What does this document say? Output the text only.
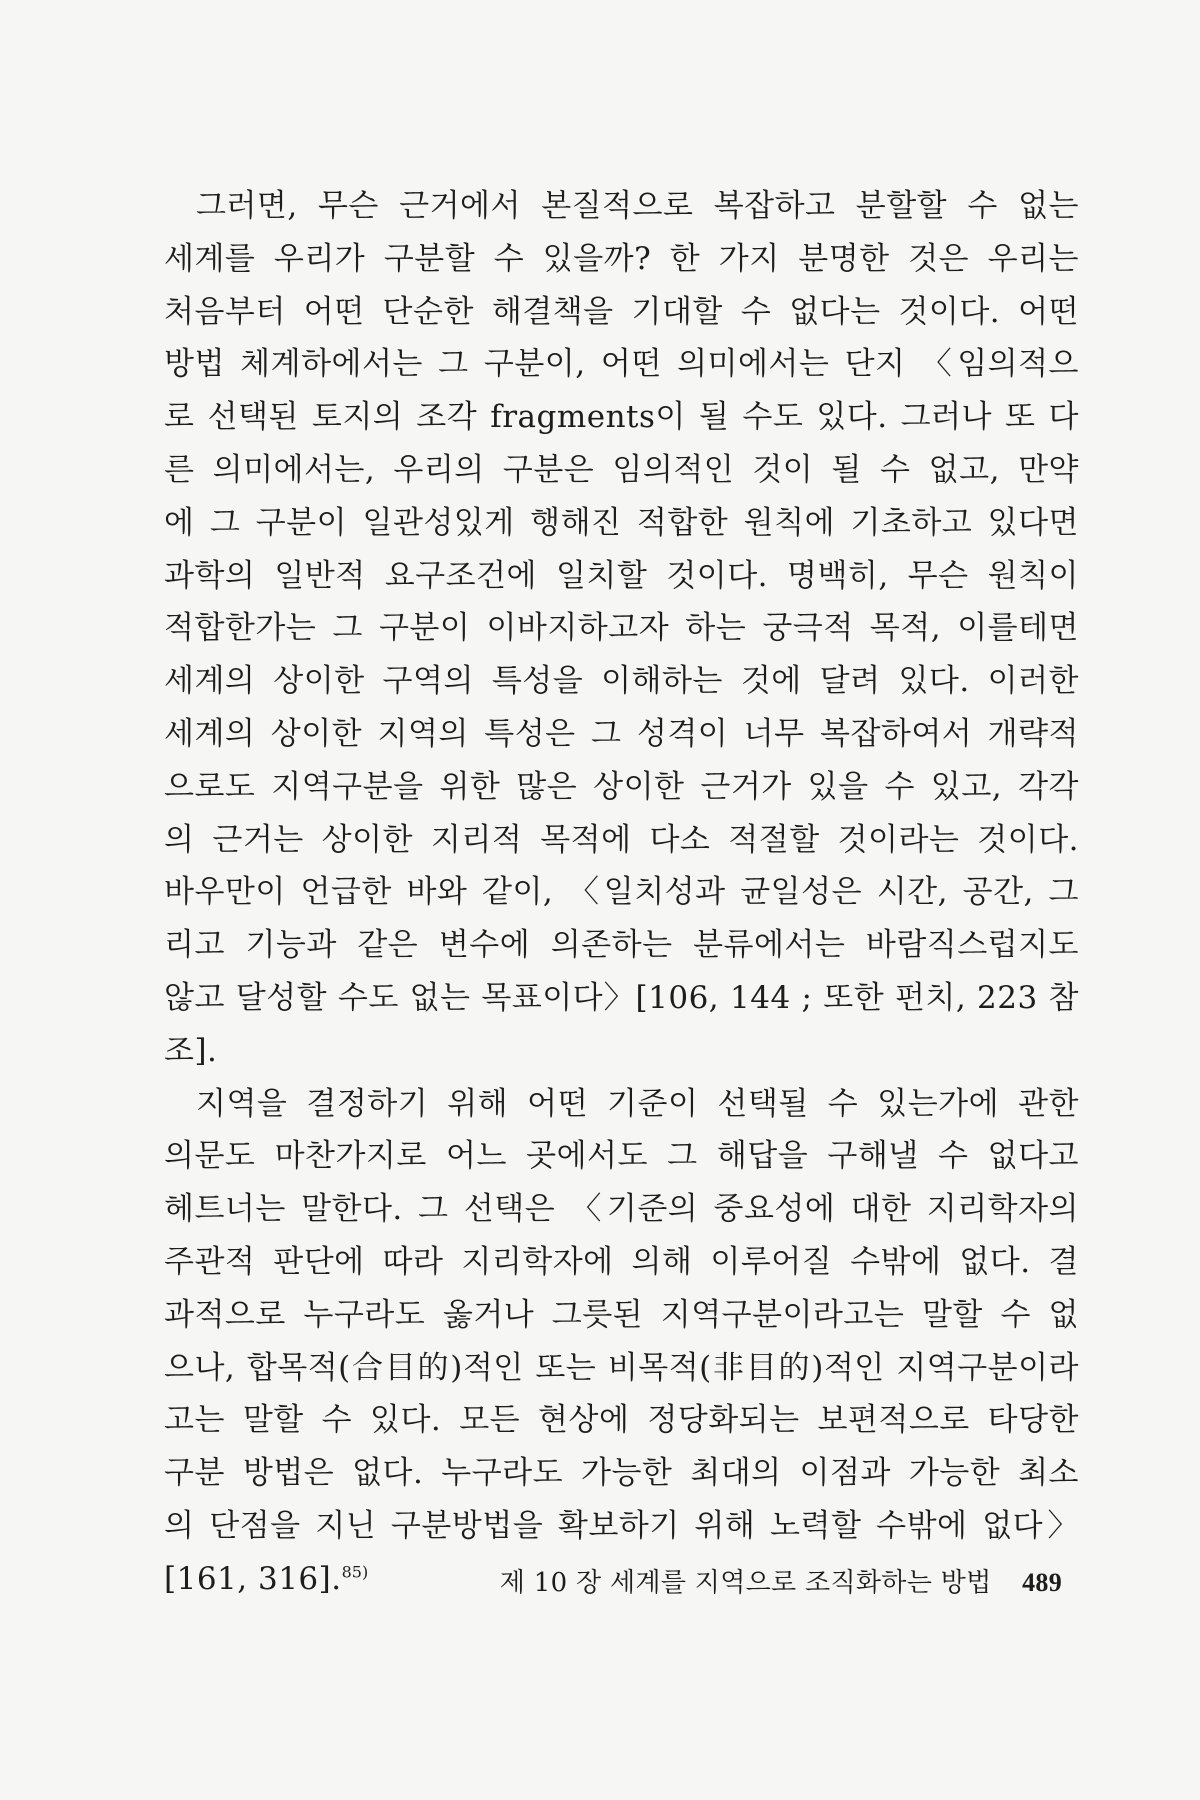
그러면, 무슨 근거에서 본질적으로 복잡하고 분할할 수 없는
세계를 우리가 구분할 수 있을까? 한 가지 분명한 것은 우리는
처음부터 어떤 단순한 해결책을 기대할 수 없다는 것이다. 어떤
방법 체계하에서는 그 구분이, 어떤 의미에서는 단지 〈임의적으
로 선택된 토지의 조각 fragments이 될 수도 있다. 그러나 또 다
른 의미에서는, 우리의 구분은 임의적인 것이 될 수 없고, 만약
에 그 구분이 일관성있게 행해진 적합한 원칙에 기초하고 있다면
과학의 일반적 요구조건에 일치할 것이다. 명백히, 무슨 원칙이
적합한가는 그 구분이 이바지하고자 하는 궁극적 목적, 이를테면
세계의 상이한 구역의 특성을 이해하는 것에 달려 있다. 이러한
세계의 상이한 지역의 특성은 그 성격이 너무 복잡하여서 개략적
으로도 지역구분을 위한 많은 상이한 근거가 있을 수 있고, 각각
의 근거는 상이한 지리적 목적에 다소 적절할 것이라는 것이다.
바우만이 언급한 바와 같이, 〈일치성과 균일성은 시간, 공간, 그
리고 기능과 같은 변수에 의존하는 분류에서는 바람직스럽지도
않고 달성할 수도 없는 목표이다〉[106, 144 ; 또한 펀치, 223 참
조].
지역을 결정하기 위해 어떤 기준이 선택될 수 있는가에 관한
의문도 마찬가지로 어느 곳에서도 그 해답을 구해낼 수 없다고
헤트너는 말한다. 그 선택은 〈기준의 중요성에 대한 지리학자의
주관적 판단에 따라 지리학자에 의해 이루어질 수밖에 없다. 결
과적으로 누구라도 옳거나 그릇된 지역구분이라고는 말할 수 없
으나, 합목적(合目的)적인 또는 비목적(非目的)적인 지역구분이라
고는 말할 수 있다. 모든 현상에 정당화되는 보편적으로 타당한
구분 방법은 없다. 누구라도 가능한 최대의 이점과 가능한 최소
의 단점을 지닌 구분방법을 확보하기 위해 노력할 수밖에 없다〉
[161, 316].$^{85)}$	제 10 장 세계를 지역으로 조직화하는 방법 489
